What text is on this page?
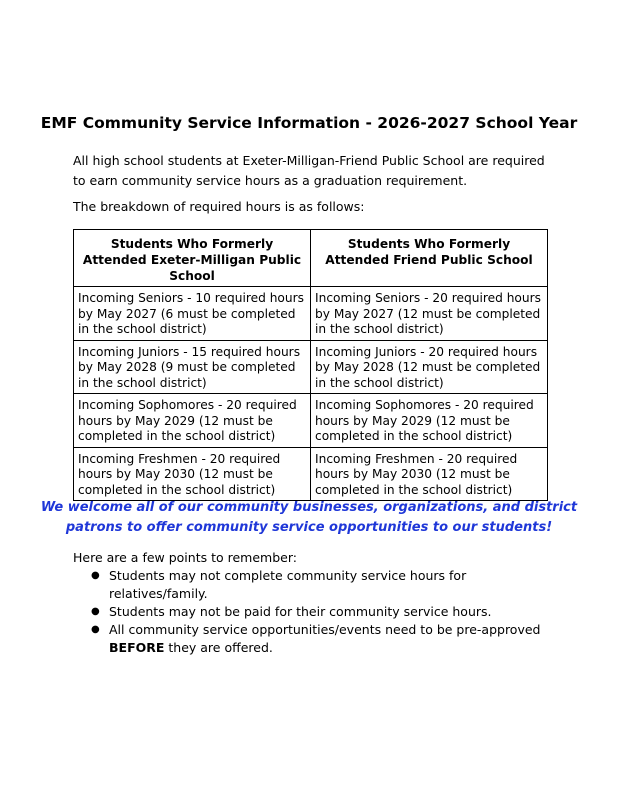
EMF Community Service Information - 2026-2027 School Year
All high school students at Exeter-Milligan-Friend Public School are required to earn community service hours as a graduation requirement.
The breakdown of required hours is as follows:
Students Who Formerly Attended Exeter-Milligan Public School	Students Who Formerly Attended Friend Public School
Incoming Seniors - 10 required hours by May 2027 (6 must be completed in the school district)	Incoming Seniors - 20 required hours by May 2027 (12 must be completed in the school district)
Incoming Juniors - 15 required hours by May 2028 (9 must be completed in the school district)	Incoming Juniors - 20 required hours by May 2028 (12 must be completed in the school district)
Incoming Sophomores - 20 required hours by May 2029 (12 must be completed in the school district)	Incoming Sophomores - 20 required hours by May 2029 (12 must be completed in the school district)
Incoming Freshmen - 20 required hours by May 2030 (12 must be completed in the school district)	Incoming Freshmen - 20 required hours by May 2030 (12 must be completed in the school district)
We welcome all of our community businesses, organizations, and district
patrons to offer community service opportunities to our students!
Here are a few points to remember:
● Students may not complete community service hours for relatives/family.
● Students may not be paid for their community service hours.
● All community service opportunities/events need to be pre-approved BEFORE they are offered.
